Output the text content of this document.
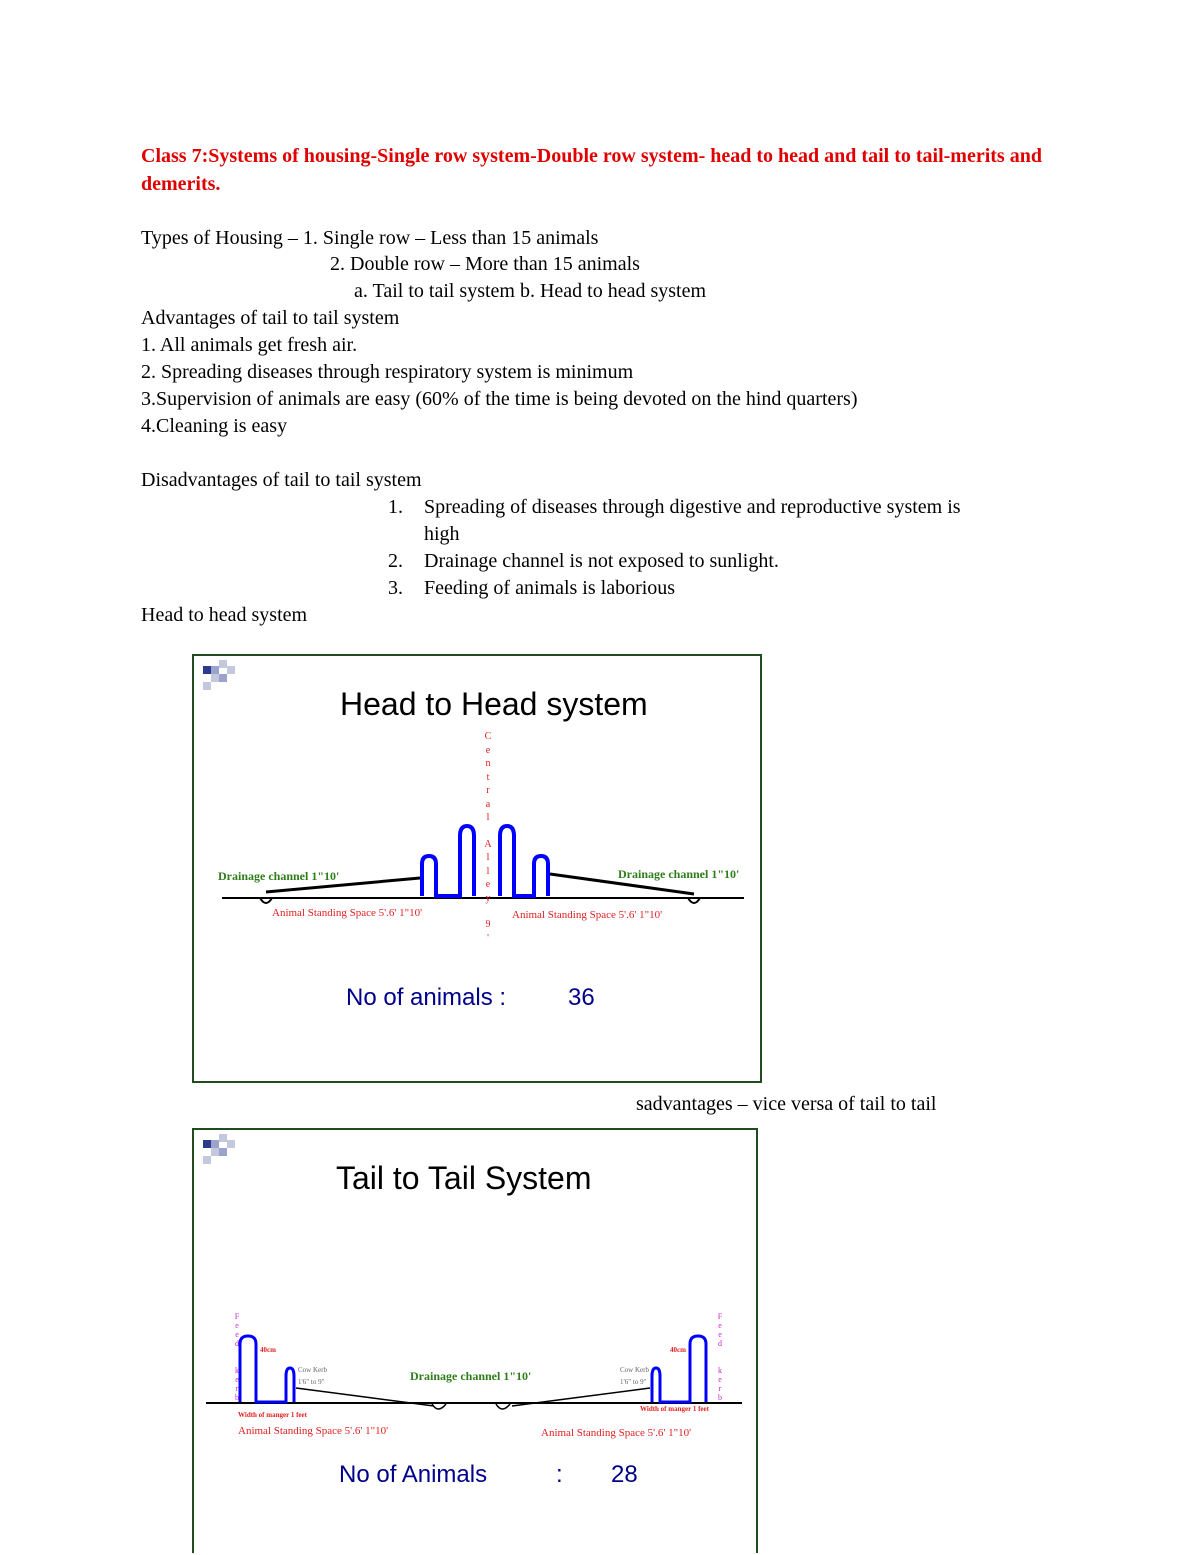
Class 7:Systems of housing-Single row system-Double row system- head to head and tail to tail-merits and demerits.
Types of Housing – 1. Single row – Less than 15 animals
2. Double row – More than 15 animals
a. Tail to tail system b. Head to head system
Advantages of tail to tail system
1. All animals get fresh air.
2. Spreading diseases through respiratory system is minimum
3.Supervision of animals are easy (60% of the time is being devoted on the hind quarters)
4.Cleaning is easy
Disadvantages of tail to tail system
1. Spreading of diseases through digestive and reproductive system is
high
2. Drainage channel is not exposed to sunlight.
3. Feeding of animals is laborious
Head to head system
Head to Head system
C
e
n
t
r
a
l
A
l
l
e
y
9
'
Drainage channel 1"10'	Drainage channel 1"10'
Animal Standing Space 5'.6' 1"10'	Animal Standing Space 5'.6' 1"10'
No of animals :	36
sadvantages – vice versa of tail to tail
Tail to Tail System
F
e
e
d
k
e
r
b
F
e
e
d
k
e
r
b
40cm	40cm
Cow Kerb
1'6" to 9"
Cow Kerb
1'6" to 9"
Drainage channel 1"10'
Width of manger 1 feet
Width of manger 1 feet
Animal Standing Space 5'.6' 1"10'	Animal Standing Space 5'.6' 1"10'
No of Animals	: 28
